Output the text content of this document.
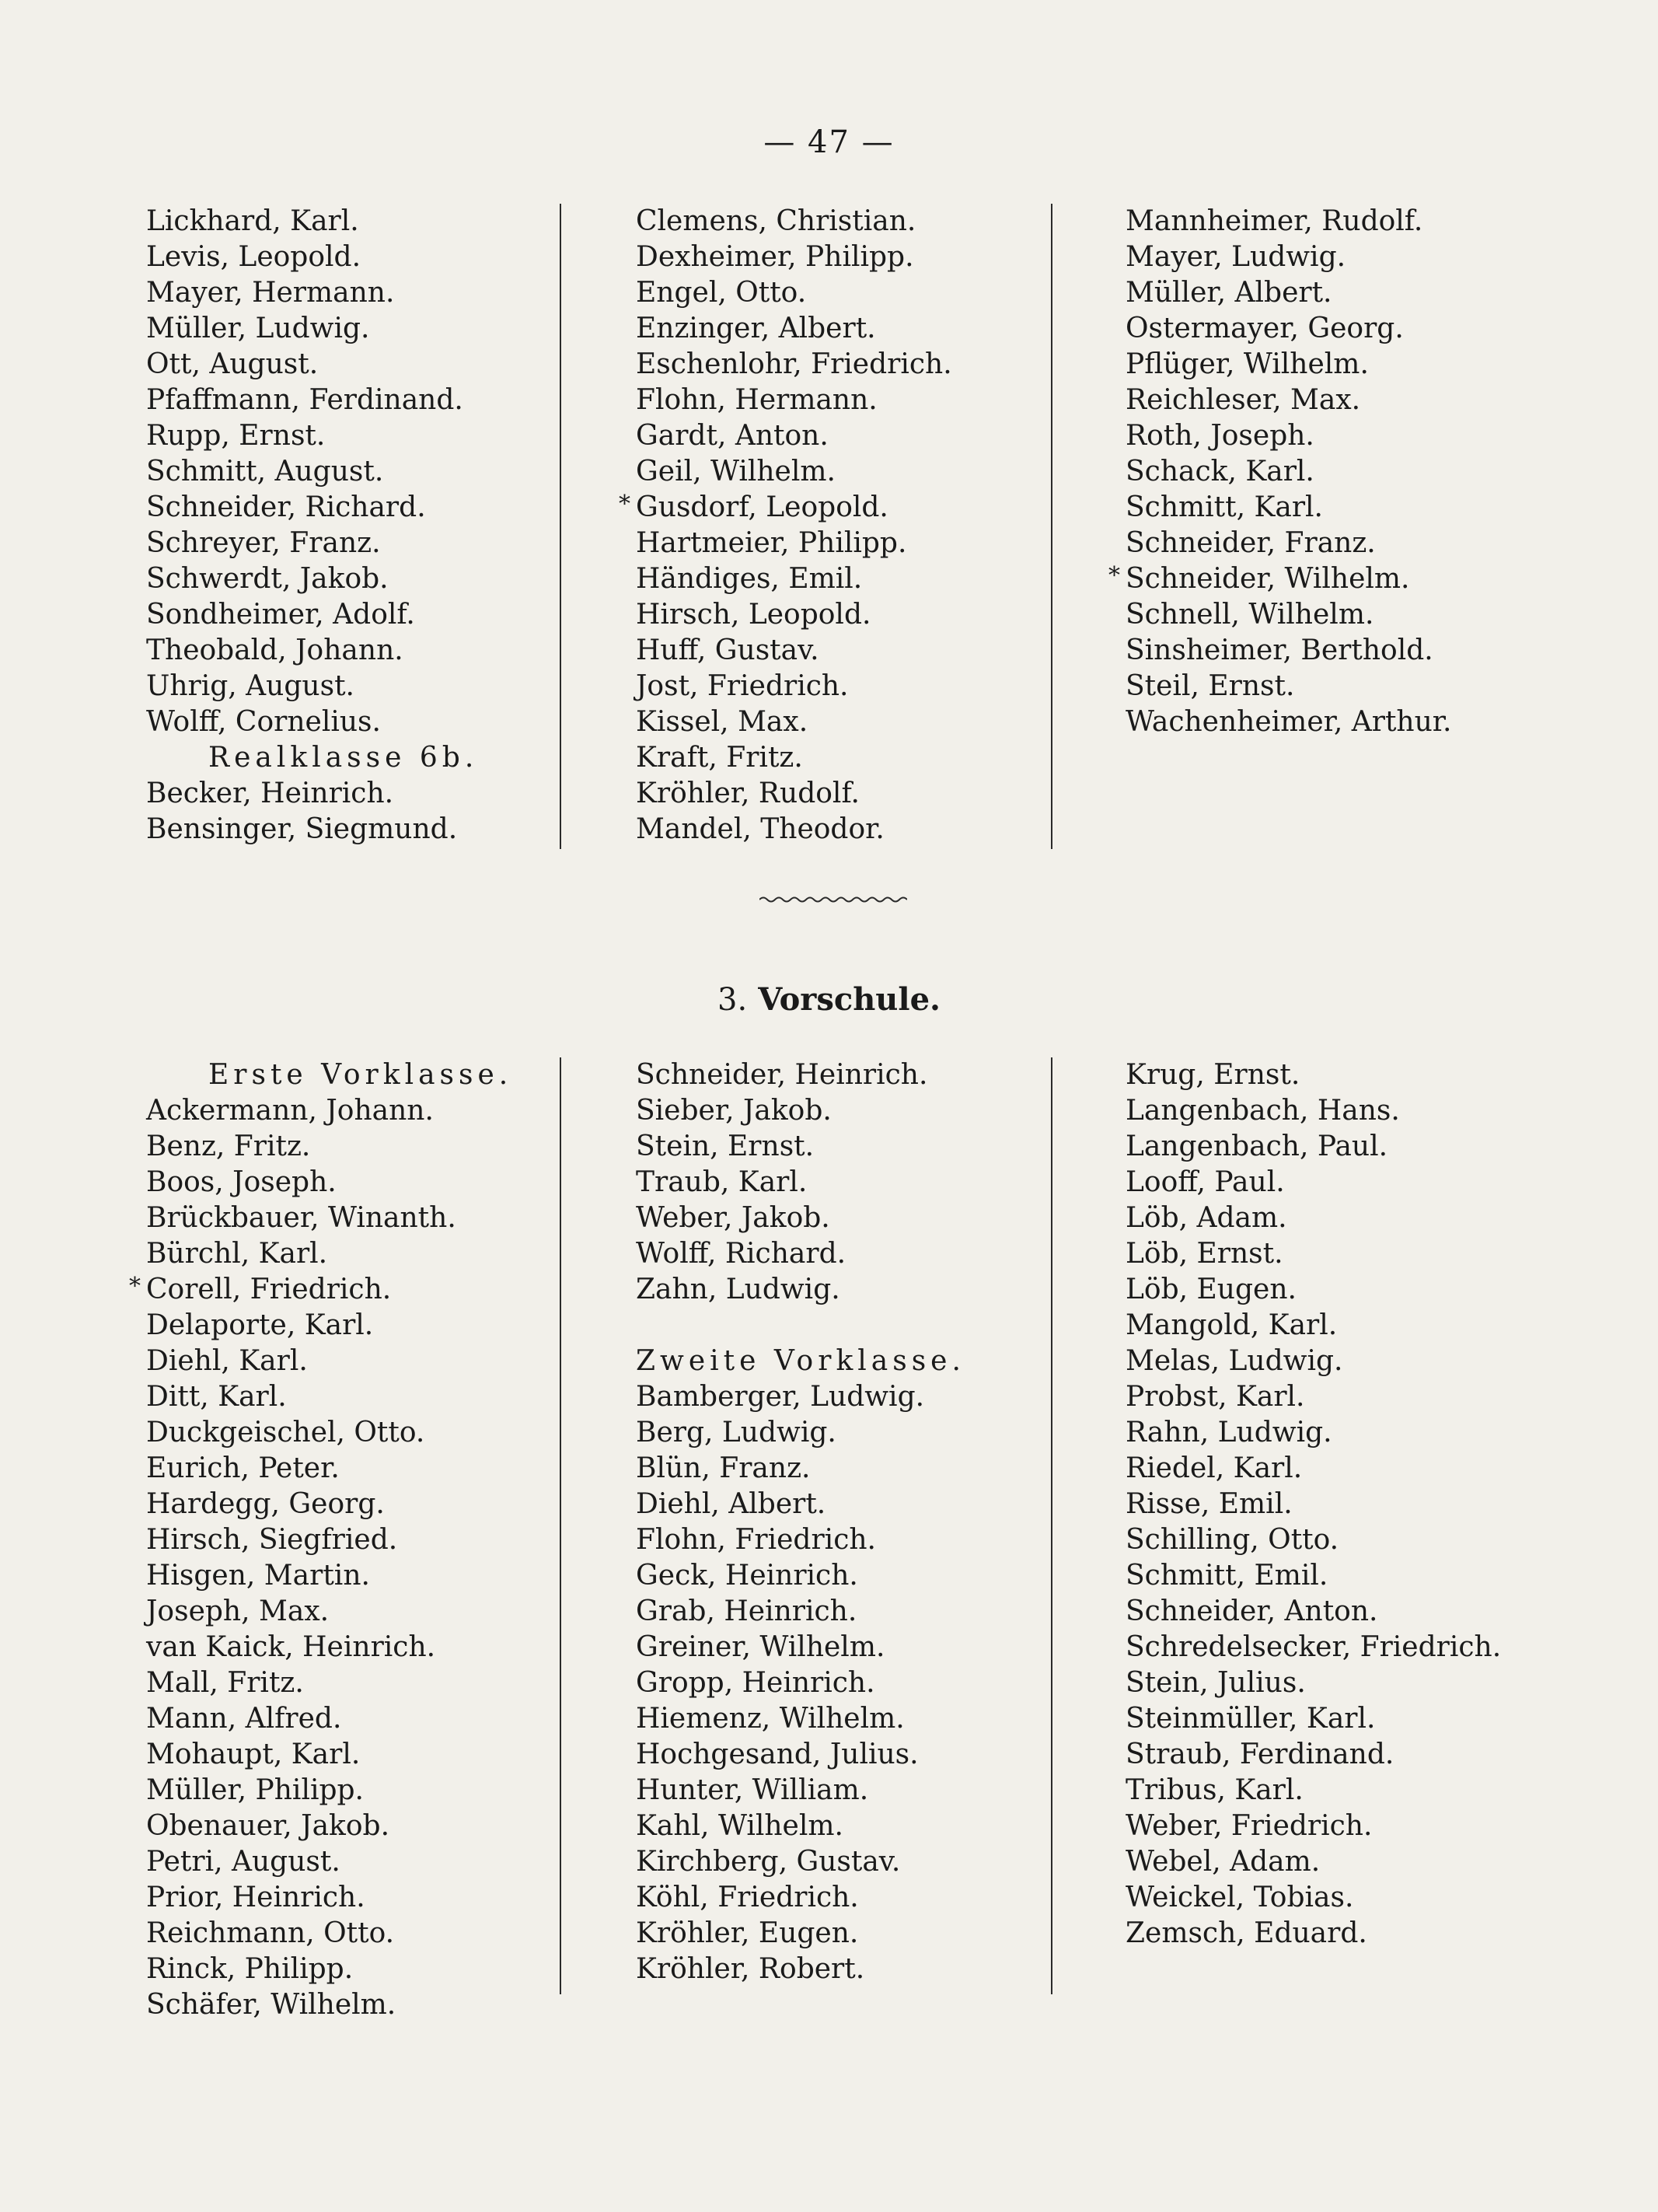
— 47 —
Lickhard, Karl.
Levis, Leopold.
Mayer, Hermann.
Müller, Ludwig.
Ott, August.
Pfaffmann, Ferdinand.
Rupp, Ernst.
Schmitt, August.
Schneider, Richard.
Schreyer, Franz.
Schwerdt, Jakob.
Sondheimer, Adolf.
Theobald, Johann.
Uhrig, August.
Wolff, Cornelius.
Realklasse 6b.
Becker, Heinrich.
Bensinger, Siegmund.
Clemens, Christian.
Dexheimer, Philipp.
Engel, Otto.
Enzinger, Albert.
Eschenlohr, Friedrich.
Flohn, Hermann.
Gardt, Anton.
Geil, Wilhelm.
* Gusdorf, Leopold.
Hartmeier, Philipp.
Händiges, Emil.
Hirsch, Leopold.
Huff, Gustav.
Jost, Friedrich.
Kissel, Max.
Kraft, Fritz.
Kröhler, Rudolf.
Mandel, Theodor.
Mannheimer, Rudolf.
Mayer, Ludwig.
Müller, Albert.
Ostermayer, Georg.
Pflüger, Wilhelm.
Reichleser, Max.
Roth, Joseph.
Schack, Karl.
Schmitt, Karl.
Schneider, Franz.
* Schneider, Wilhelm.
Schnell, Wilhelm.
Sinsheimer, Berthold.
Steil, Ernst.
Wachenheimer, Arthur.
3. Vorschule.
Erste Vorklasse.
Ackermann, Johann.
Benz, Fritz.
Boos, Joseph.
Brückbauer, Winanth.
Bürchl, Karl.
* Corell, Friedrich.
Delaporte, Karl.
Diehl, Karl.
Ditt, Karl.
Duckgeischel, Otto.
Eurich, Peter.
Hardegg, Georg.
Hirsch, Siegfried.
Hisgen, Martin.
Joseph, Max.
van Kaick, Heinrich.
Mall, Fritz.
Mann, Alfred.
Mohaupt, Karl.
Müller, Philipp.
Obenauer, Jakob.
Petri, August.
Prior, Heinrich.
Reichmann, Otto.
Rinck, Philipp.
Schäfer, Wilhelm.
Schneider, Heinrich.
Sieber, Jakob.
Stein, Ernst.
Traub, Karl.
Weber, Jakob.
Wolff, Richard.
Zahn, Ludwig.
Zweite Vorklasse.
Bamberger, Ludwig.
Berg, Ludwig.
Blün, Franz.
Diehl, Albert.
Flohn, Friedrich.
Geck, Heinrich.
Grab, Heinrich.
Greiner, Wilhelm.
Gropp, Heinrich.
Hiemenz, Wilhelm.
Hochgesand, Julius.
Hunter, William.
Kahl, Wilhelm.
Kirchberg, Gustav.
Köhl, Friedrich.
Kröhler, Eugen.
Kröhler, Robert.
Krug, Ernst.
Langenbach, Hans.
Langenbach, Paul.
Looff, Paul.
Löb, Adam.
Löb, Ernst.
Löb, Eugen.
Mangold, Karl.
Melas, Ludwig.
Probst, Karl.
Rahn, Ludwig.
Riedel, Karl.
Risse, Emil.
Schilling, Otto.
Schmitt, Emil.
Schneider, Anton.
Schredelsecker, Friedrich.
Stein, Julius.
Steinmüller, Karl.
Straub, Ferdinand.
Tribus, Karl.
Weber, Friedrich.
Webel, Adam.
Weickel, Tobias.
Zemsch, Eduard.
